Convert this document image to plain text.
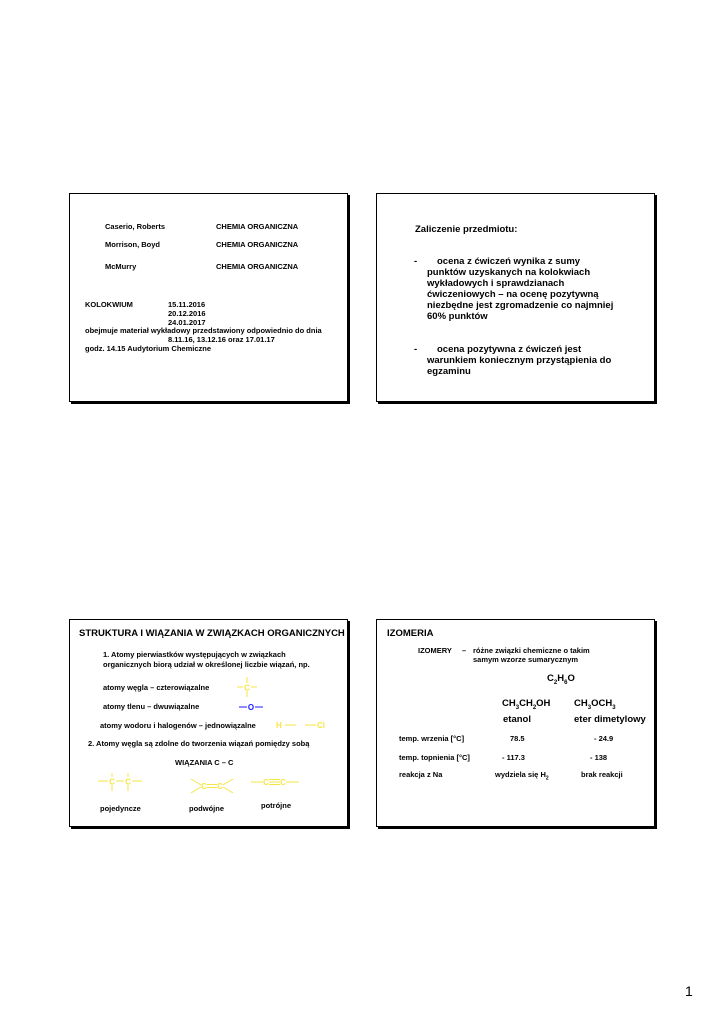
Caserio, Roberts	CHEMIA ORGANICZNA
Morrison, Boyd	CHEMIA ORGANICZNA
McMurry	CHEMIA ORGANICZNA
KOLOKWIUM	15.11.2016
20.12.2016
24.01.2017
obejmuje materiał wykładowy przedstawiony odpowiednio do dnia
8.11.16, 13.12.16 oraz 17.01.17
godz. 14.15 Audytorium Chemiczne
Zaliczenie przedmiotu:
- ocena z ćwiczeń wynika z sumy
punktów uzyskanych na kolokwiach
wykładowych i sprawdzianach
ćwiczeniowych – na ocenę pozytywną
niezbędne jest zgromadzenie co najmniej
60% punktów
- ocena pozytywna z ćwiczeń jest
warunkiem koniecznym przystąpienia do
egzaminu
STRUKTURA I WIĄZANIA W ZWIĄZKACH ORGANICZNYCH
1. Atomy pierwiastków występujących w związkach
organicznych biorą udział w określonej liczbie wiązań, np.
atomy węgla – czterowiązalne
atomy tlenu – dwuwiązalne
atomy wodoru i halogenów – jednowiązalne
C
O
H	Cl
2. Atomy węgla są zdolne do tworzenia wiązań pomiędzy sobą
WIĄZANIA C – C
C C	C C	C C
pojedyncze	podwójne	potrójne
IZOMERIA
IZOMERY – różne związki chemiczne o takim
samym wzorze sumarycznym
$C_2H_6O$
$CH_3CH_2OH$ $CH_3OCH_3$
etanol	eter dimetylowy
temp. wrzenia [°C]	78.5	- 24.9
temp. topnienia [°C]	- 117.3	- 138
reakcja z Na	wydziela się $H_2$	brak reakcji
1
